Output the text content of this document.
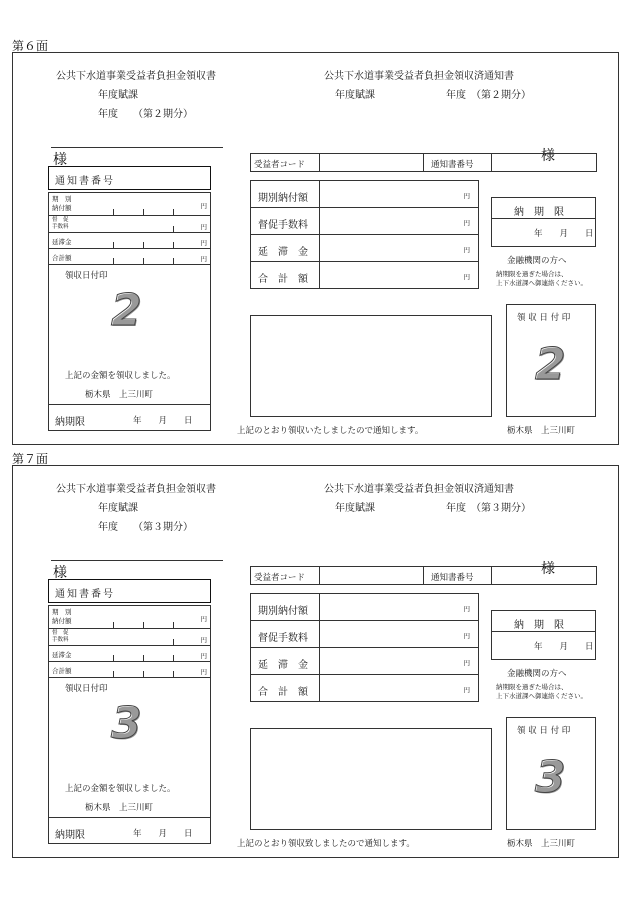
第６面
公共下水道事業受益者負担金領収書
年度賦課
年度　　（第２期分）
公共下水道事業受益者負担金領収済通知書
年度賦課	年度　（第２期分）
様
通知書番号
期　別
納付額	円
督　促
手数料	円
延滞金	円
合計額	円
領収日付印
2
上記の金額を領収しました。
栃木県　上三川町
納期限	年　　月　　日
様
受益者コード	通知書番号
期別納付額	円
督促手数料	円
延　滞　金	円
合　計　額	円
納　期　限
年　　月　　日
金融機関の方へ
納期限を過ぎた場合は、
上下水道課へ御連絡ください。
領 収 日 付 印
2
上記のとおり領収いたしましたので通知します。	栃木県　上三川町
第７面
公共下水道事業受益者負担金領収書
年度賦課
年度　　（第３期分）
公共下水道事業受益者負担金領収済通知書
年度賦課	年度　（第３期分）
様
通知書番号
期　別
納付額	円
督　促
手数料	円
延滞金	円
合計額	円
領収日付印
3
上記の金額を領収しました。
栃木県　上三川町
納期限	年　　月　　日
様
受益者コード	通知書番号
期別納付額	円
督促手数料	円
延　滞　金	円
合　計　額	円
納　期　限
年　　月　　日
金融機関の方へ
納期限を過ぎた場合は、
上下水道課へ御連絡ください。
領 収 日 付 印
3
上記のとおり領収致しましたので通知します。	栃木県　上三川町
